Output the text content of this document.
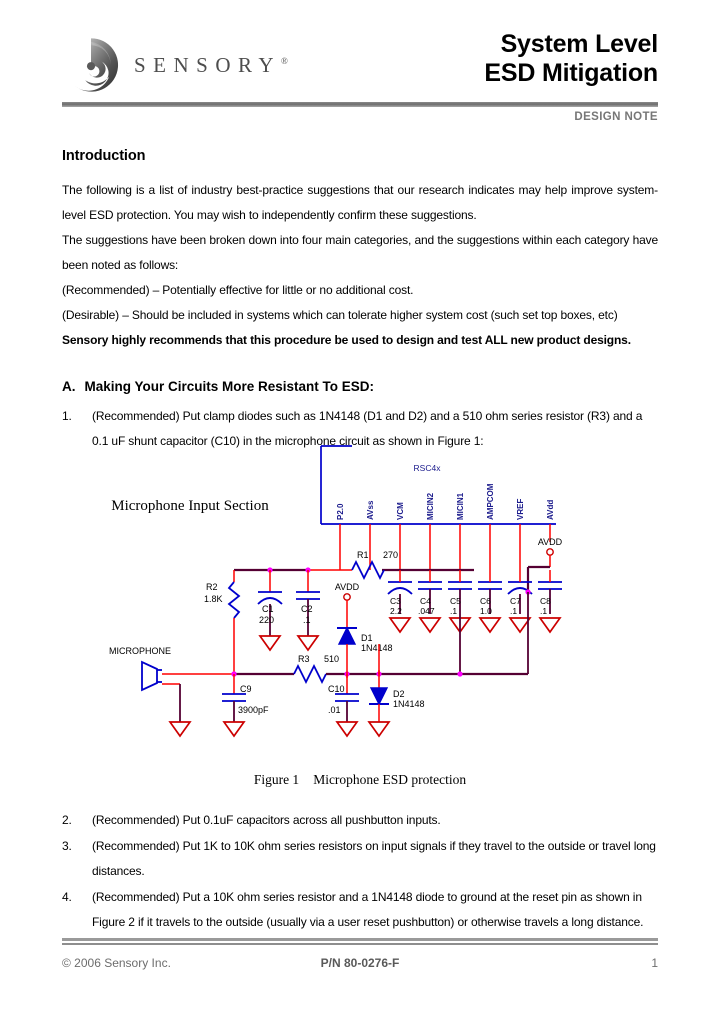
SENSORY®
System Level
ESD Mitigation
DESIGN NOTE
Introduction

The following is a list of industry best-practice suggestions that our research indicates may help improve system-level ESD protection. You may wish to independently confirm these suggestions.

The suggestions have been broken down into four main categories, and the suggestions within each category have been noted as follows:

(Recommended) – Potentially effective for little or no additional cost.

(Desirable) – Should be included in systems which can tolerate higher system cost (such set top boxes, etc)

Sensory highly recommends that this procedure be used to design and test ALL new product designs.

A. Making Your Circuits More Resistant To ESD:
1.	(Recommended) Put clamp diodes such as 1N4148 (D1 and D2) and a 510 ohm series resistor (R3) and a 0.1 uF shunt capacitor (C10) in the microphone circuit as shown in Figure 1:
Microphone Input Section
RSC4x
P2.0	AVss	VCM	MICIN2	MICIN1	AMPCOM	VREF	AVdd
AVDD
R1 270
R2
1.8K
C1
220
C2
.1
AVDD
D1
1N4148
C3
2.2
C4
.047
C5
.1
C6
1.0
C7
.1
C8
.1
MICROPHONE
R3 510
C9
3900pF
C10
.01
D2
1N4148
Figure 1 Microphone ESD protection
2.	(Recommended) Put 0.1uF capacitors across all pushbutton inputs.
3.	(Recommended) Put 1K to 10K ohm series resistors on input signals if they travel to the outside or travel long distances.
4.	(Recommended) Put a 10K ohm series resistor and a 1N4148 diode to ground at the reset pin as shown in Figure 2 if it travels to the outside (usually via a user reset pushbutton) or otherwise travels a long distance.
© 2006 Sensory Inc.	P/N 80-0276-F	1
